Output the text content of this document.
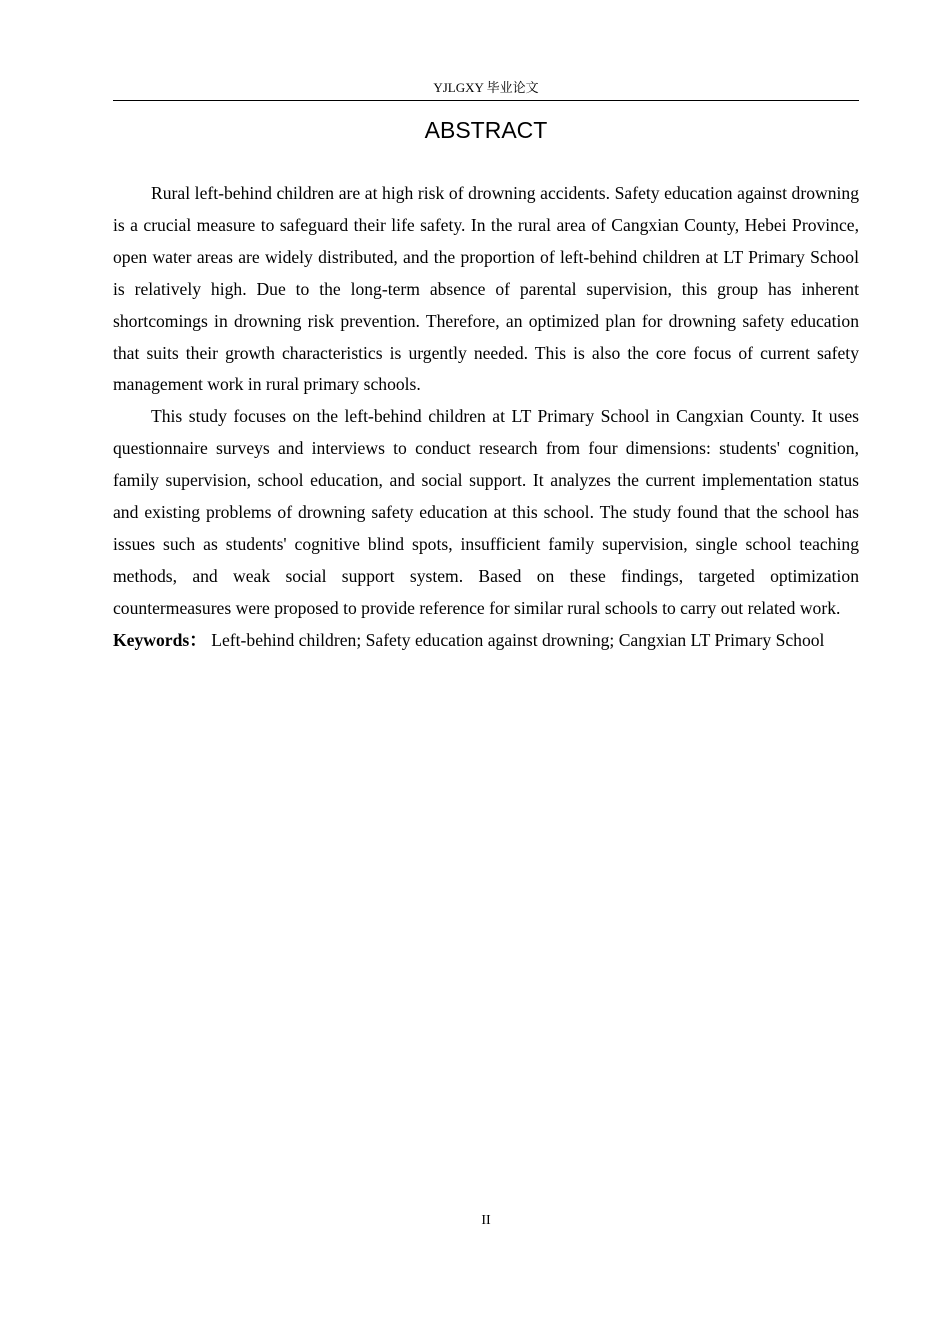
YJLGXY 毕业论文
ABSTRACT

Rural left-behind children are at high risk of drowning accidents. Safety education against drowning is a crucial measure to safeguard their life safety. In the rural area of Cangxian County, Hebei Province, open water areas are widely distributed, and the proportion of left-behind children at LT Primary School is relatively high. Due to the long-term absence of parental supervision, this group has inherent shortcomings in drowning risk prevention. Therefore, an optimized plan for drowning safety education that suits their growth characteristics is urgently needed. This is also the core focus of current safety management work in rural primary schools.

This study focuses on the left-behind children at LT Primary School in Cangxian County. It uses questionnaire surveys and interviews to conduct research from four dimensions: students' cognition, family supervision, school education, and social support. It analyzes the current implementation status and existing problems of drowning safety education at this school. The study found that the school has issues such as students' cognitive blind spots, insufficient family supervision, single school teaching methods, and weak social support system. Based on these findings, targeted optimization countermeasures were proposed to provide reference for similar rural schools to carry out related work.

Keywords： Left-behind children; Safety education against drowning; Cangxian LT Primary School
II
